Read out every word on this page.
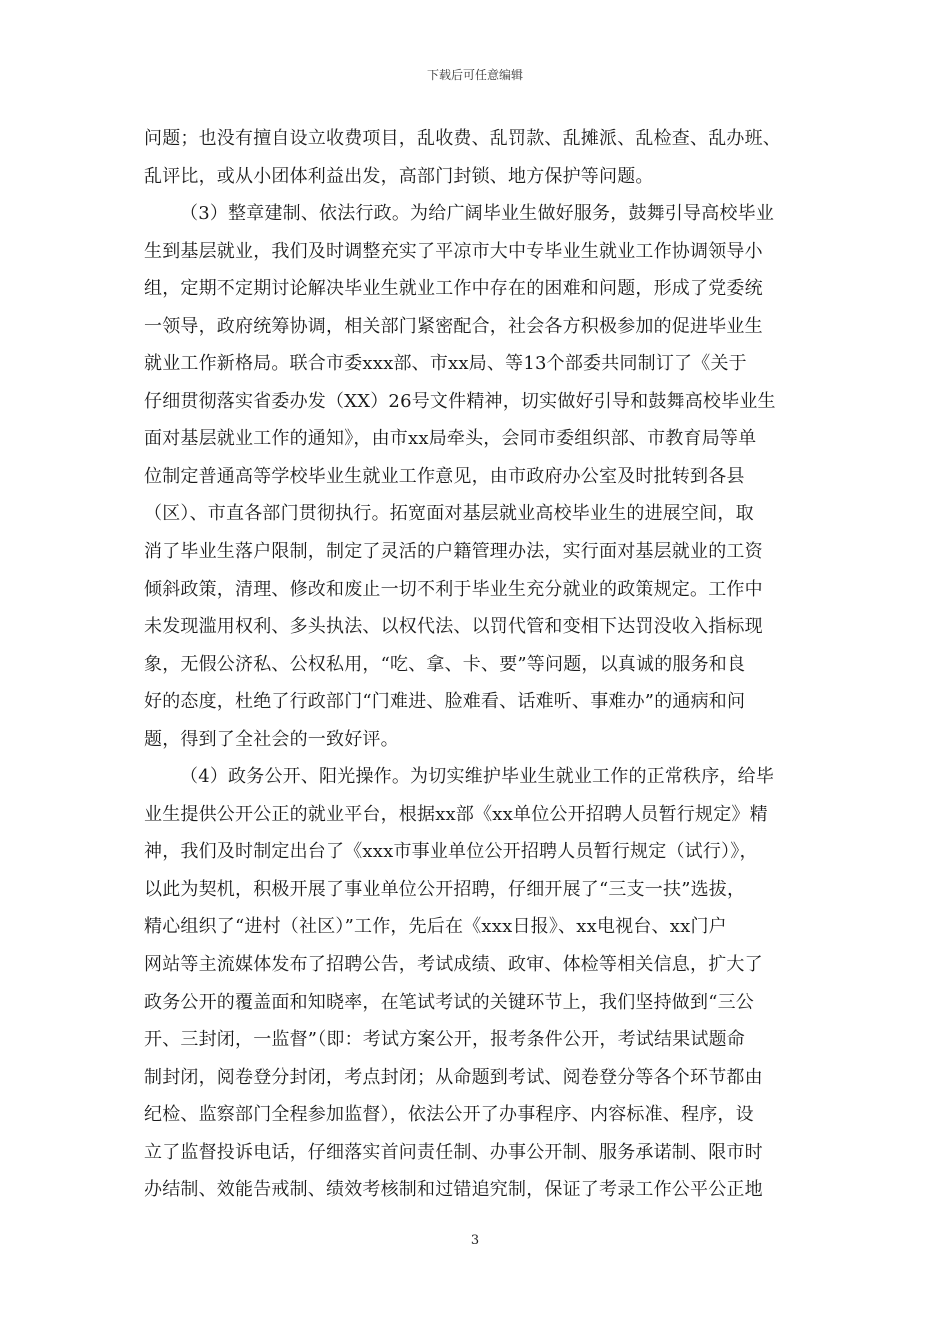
下载后可任意编辑
问题；也没有擅自设立收费项目，乱收费、乱罚款、乱摊派、乱检查、乱办班、
乱评比，或从小团体利益出发，高部门封锁、地方保护等问题。
（3）整章建制、依法行政。为给广阔毕业生做好服务，鼓舞引导高校毕业
生到基层就业，我们及时调整充实了平凉市大中专毕业生就业工作协调领导小
组，定期不定期讨论解决毕业生就业工作中存在的困难和问题，形成了党委统
一领导，政府统筹协调，相关部门紧密配合，社会各方积极参加的促进毕业生
就业工作新格局。联合市委xxx部、市xx局、等13个部委共同制订了《关于
仔细贯彻落实省委办发（XX）26号文件精神，切实做好引导和鼓舞高校毕业生
面对基层就业工作的通知》，由市xx局牵头，会同市委组织部、市教育局等单
位制定普通高等学校毕业生就业工作意见，由市政府办公室及时批转到各县
（区）、市直各部门贯彻执行。拓宽面对基层就业高校毕业生的进展空间，取
消了毕业生落户限制，制定了灵活的户籍管理办法，实行面对基层就业的工资
倾斜政策，清理、修改和废止一切不利于毕业生充分就业的政策规定。工作中
未发现滥用权利、多头执法、以权代法、以罚代管和变相下达罚没收入指标现
象，无假公济私、公权私用，“吃、拿、卡、要”等问题，以真诚的服务和良
好的态度，杜绝了行政部门“门难进、脸难看、话难听、事难办”的通病和问
题，得到了全社会的一致好评。
（4）政务公开、阳光操作。为切实维护毕业生就业工作的正常秩序，给毕
业生提供公开公正的就业平台，根据xx部《xx单位公开招聘人员暂行规定》精
神，我们及时制定出台了《xxx市事业单位公开招聘人员暂行规定（试行）》，
以此为契机，积极开展了事业单位公开招聘，仔细开展了“三支一扶”选拔，
精心组织了“进村（社区）”工作，先后在《xxx日报》、xx电视台、xx门户
网站等主流媒体发布了招聘公告，考试成绩、政审、体检等相关信息，扩大了
政务公开的覆盖面和知晓率，在笔试考试的关键环节上，我们坚持做到“三公
开、三封闭，一监督”（即：考试方案公开，报考条件公开，考试结果试题命
制封闭，阅卷登分封闭，考点封闭；从命题到考试、阅卷登分等各个环节都由
纪检、监察部门全程参加监督），依法公开了办事程序、内容标准、程序，设
立了监督投诉电话，仔细落实首问责任制、办事公开制、服务承诺制、限市时
办结制、效能告戒制、绩效考核制和过错追究制，保证了考录工作公平公正地
3
